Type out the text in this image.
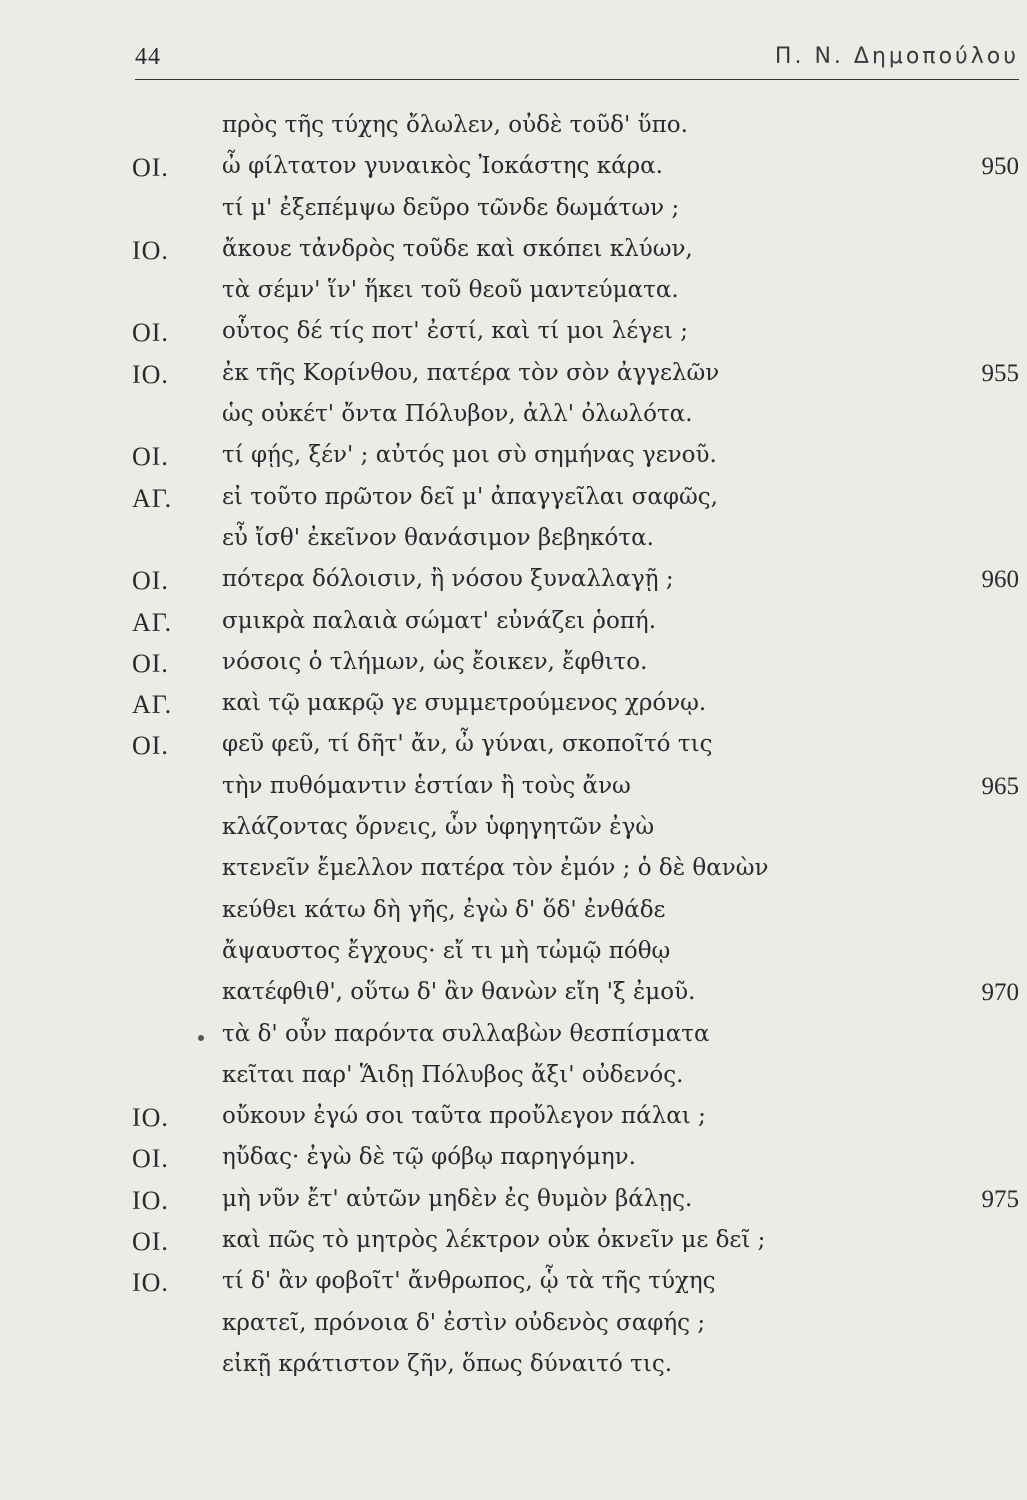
44	Π. Ν. Δημοπούλου
πρὸς τῆς τύχης ὄλωλεν, οὐδὲ τοῦδ' ὕπο.
ΟΙ. ὦ φίλτατον γυναικὸς Ἰοκάστης κάρα.	950
τί μ' ἐξεπέμψω δεῦρο τῶνδε δωμάτων ;
ΙΟ. ἄκουε τἀνδρὸς τοῦδε καὶ σκόπει κλύων,
τὰ σέμν' ἵν' ἥκει τοῦ θεοῦ μαντεύματα.
ΟΙ. οὗτος δέ τίς ποτ' ἐστί, καὶ τί μοι λέγει ;
ΙΟ. ἐκ τῆς Κορίνθου, πατέρα τὸν σὸν ἀγγελῶν	955
ὡς οὐκέτ' ὄντα Πόλυβον, ἀλλ' ὀλωλότα.
ΟΙ. τί φῄς, ξέν' ; αὐτός μοι σὺ σημήνας γενοῦ.
ΑΓ. εἰ τοῦτο πρῶτον δεῖ μ' ἀπαγγεῖλαι σαφῶς,
εὖ ἴσθ' ἐκεῖνον θανάσιμον βεβηκότα.
ΟΙ. πότερα δόλοισιν, ἢ νόσου ξυναλλαγῇ ;	960
ΑΓ. σμικρὰ παλαιὰ σώματ' εὐνάζει ῥοπή.
ΟΙ. νόσοις ὁ τλήμων, ὡς ἔοικεν, ἔφθιτο.
ΑΓ. καὶ τῷ μακρῷ γε συμμετρούμενος χρόνῳ.
ΟΙ. φεῦ φεῦ, τί δῆτ' ἄν, ὦ γύναι, σκοποῖτό τις
τὴν πυθόμαντιν ἑστίαν ἢ τοὺς ἄνω	965
κλάζοντας ὄρνεις, ὧν ὑφηγητῶν ἐγὼ
κτενεῖν ἔμελλον πατέρα τὸν ἐμόν ; ὁ δὲ θανὼν
κεύθει κάτω δὴ γῆς, ἐγὼ δ' ὅδ' ἐνθάδε
ἄψαυστος ἔγχους· εἴ τι μὴ τὠμῷ πόθῳ
κατέφθιθ', οὕτω δ' ἂν θανὼν εἴη 'ξ ἐμοῦ.	970
τὰ δ' οὖν παρόντα συλλαβὼν θεσπίσματα
κεῖται παρ' Ἅιδῃ Πόλυβος ἄξι' οὐδενός.
ΙΟ. οὔκουν ἐγώ σοι ταῦτα προὔλεγον πάλαι ;
ΟΙ. ηὔδας· ἐγὼ δὲ τῷ φόβῳ παρηγόμην.
ΙΟ. μὴ νῦν ἔτ' αὐτῶν μηδὲν ἐς θυμὸν βάλῃς.	975
ΟΙ. καὶ πῶς τὸ μητρὸς λέκτρον οὐκ ὀκνεῖν με δεῖ ;
ΙΟ. τί δ' ἂν φοβοῖτ' ἄνθρωπος, ᾧ τὰ τῆς τύχης
κρατεῖ, πρόνοια δ' ἐστὶν οὐδενὸς σαφής ;
εἰκῇ κράτιστον ζῆν, ὅπως δύναιτό τις.
